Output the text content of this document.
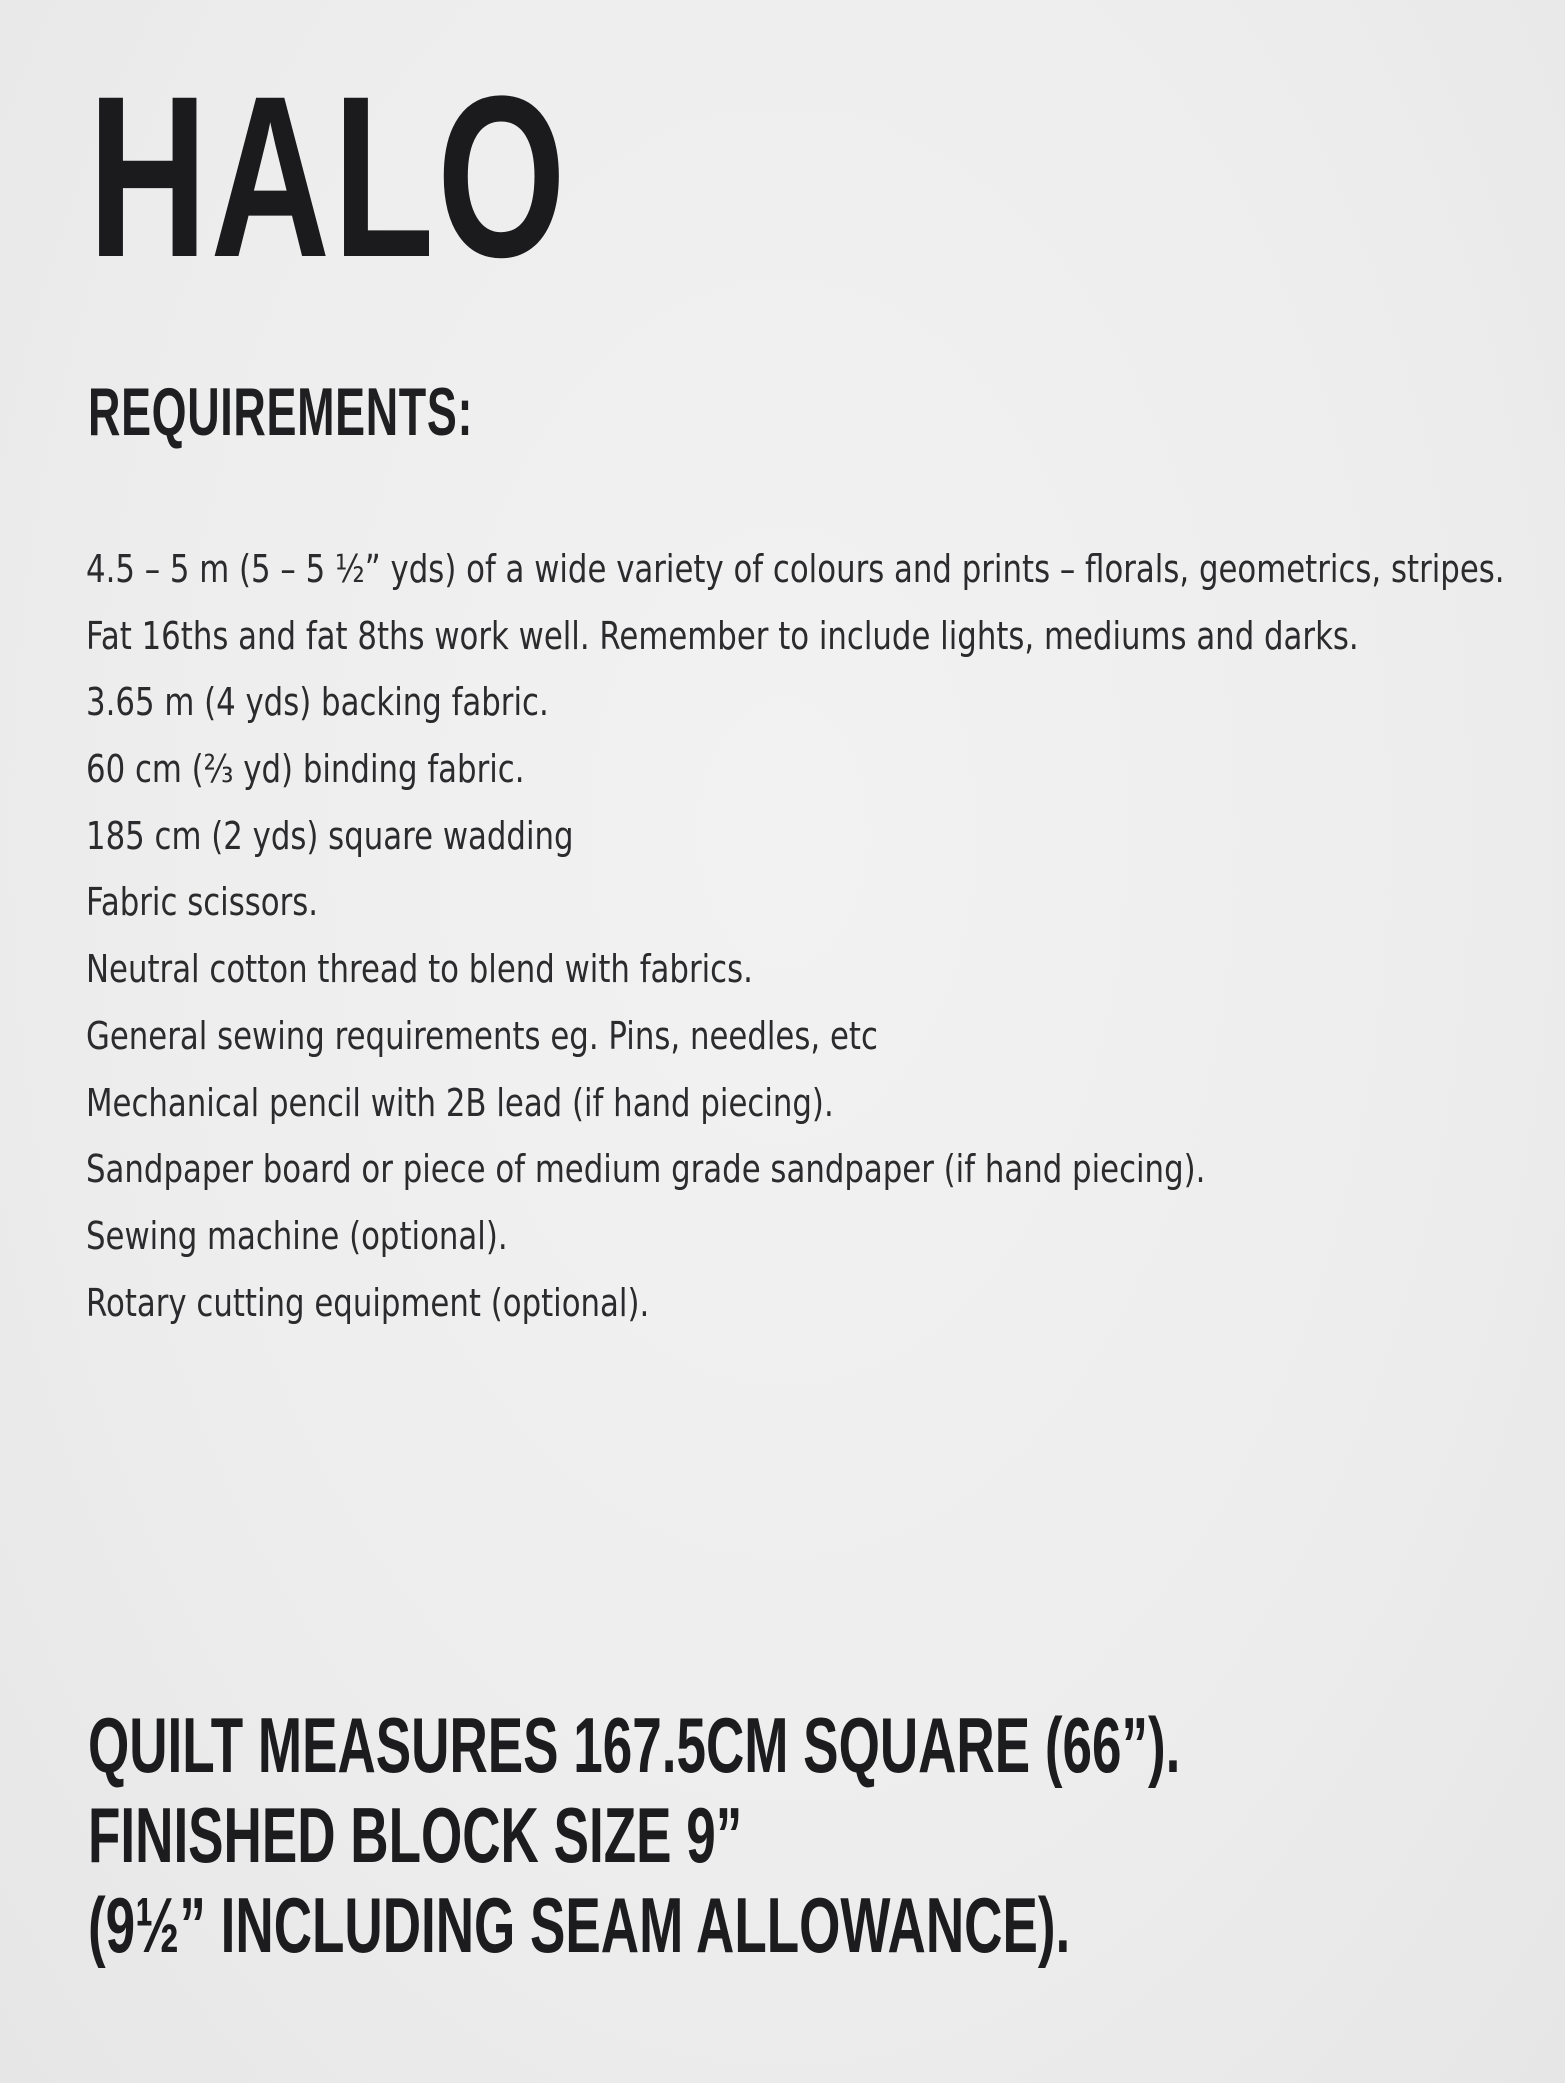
HALO
REQUIREMENTS:
4.5 – 5 m (5 – 5 ½” yds) of a wide variety of colours and prints – florals, geometrics, stripes.
Fat 16ths and fat 8ths work well. Remember to include lights, mediums and darks.
3.65 m (4 yds) backing fabric.
60 cm (⅔ yd) binding fabric.
185 cm (2 yds) square wadding
Fabric scissors.
Neutral cotton thread to blend with fabrics.
General sewing requirements eg. Pins, needles, etc
Mechanical pencil with 2B lead (if hand piecing).
Sandpaper board or piece of medium grade sandpaper (if hand piecing).
Sewing machine (optional).
Rotary cutting equipment (optional).
QUILT MEASURES 167.5CM SQUARE (66”).
FINISHED BLOCK SIZE 9”
(9½” INCLUDING SEAM ALLOWANCE).
